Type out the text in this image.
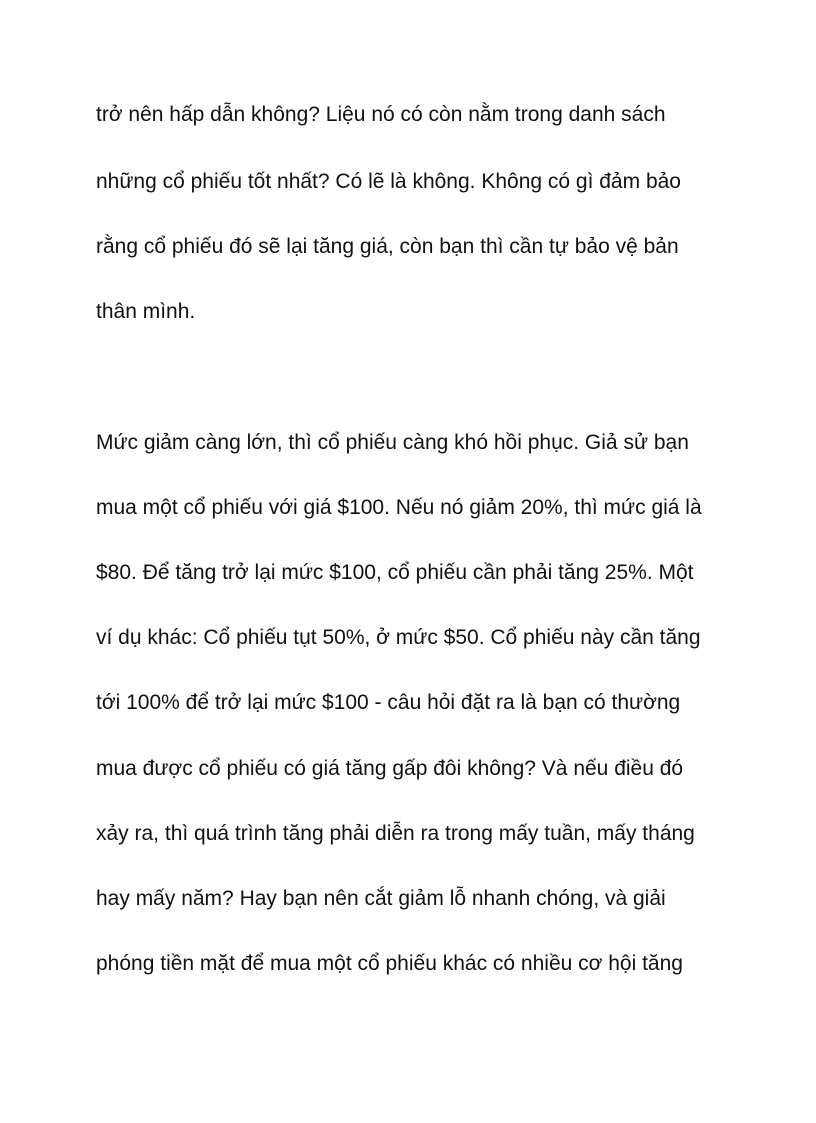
trở nên hấp dẫn không? Liệu nó có còn nằm trong danh sách

những cổ phiếu tốt nhất? Có lẽ là không. Không có gì đảm bảo

rằng cổ phiếu đó sẽ lại tăng giá, còn bạn thì cần tự bảo vệ bản

thân mình.

Mức giảm càng lớn, thì cổ phiếu càng khó hồi phục. Giả sử bạn

mua một cổ phiếu với giá $100. Nếu nó giảm 20%, thì mức giá là

$80. Để tăng trở lại mức $100, cổ phiếu cần phải tăng 25%. Một

ví dụ khác: Cổ phiếu tụt 50%, ở mức $50. Cổ phiếu này cần tăng

tới 100% để trở lại mức $100 - câu hỏi đặt ra là bạn có thường

mua được cổ phiếu có giá tăng gấp đôi không? Và nếu điều đó

xảy ra, thì quá trình tăng phải diễn ra trong mấy tuần, mấy tháng

hay mấy năm? Hay bạn nên cắt giảm lỗ nhanh chóng, và giải

phóng tiền mặt để mua một cổ phiếu khác có nhiều cơ hội tăng
